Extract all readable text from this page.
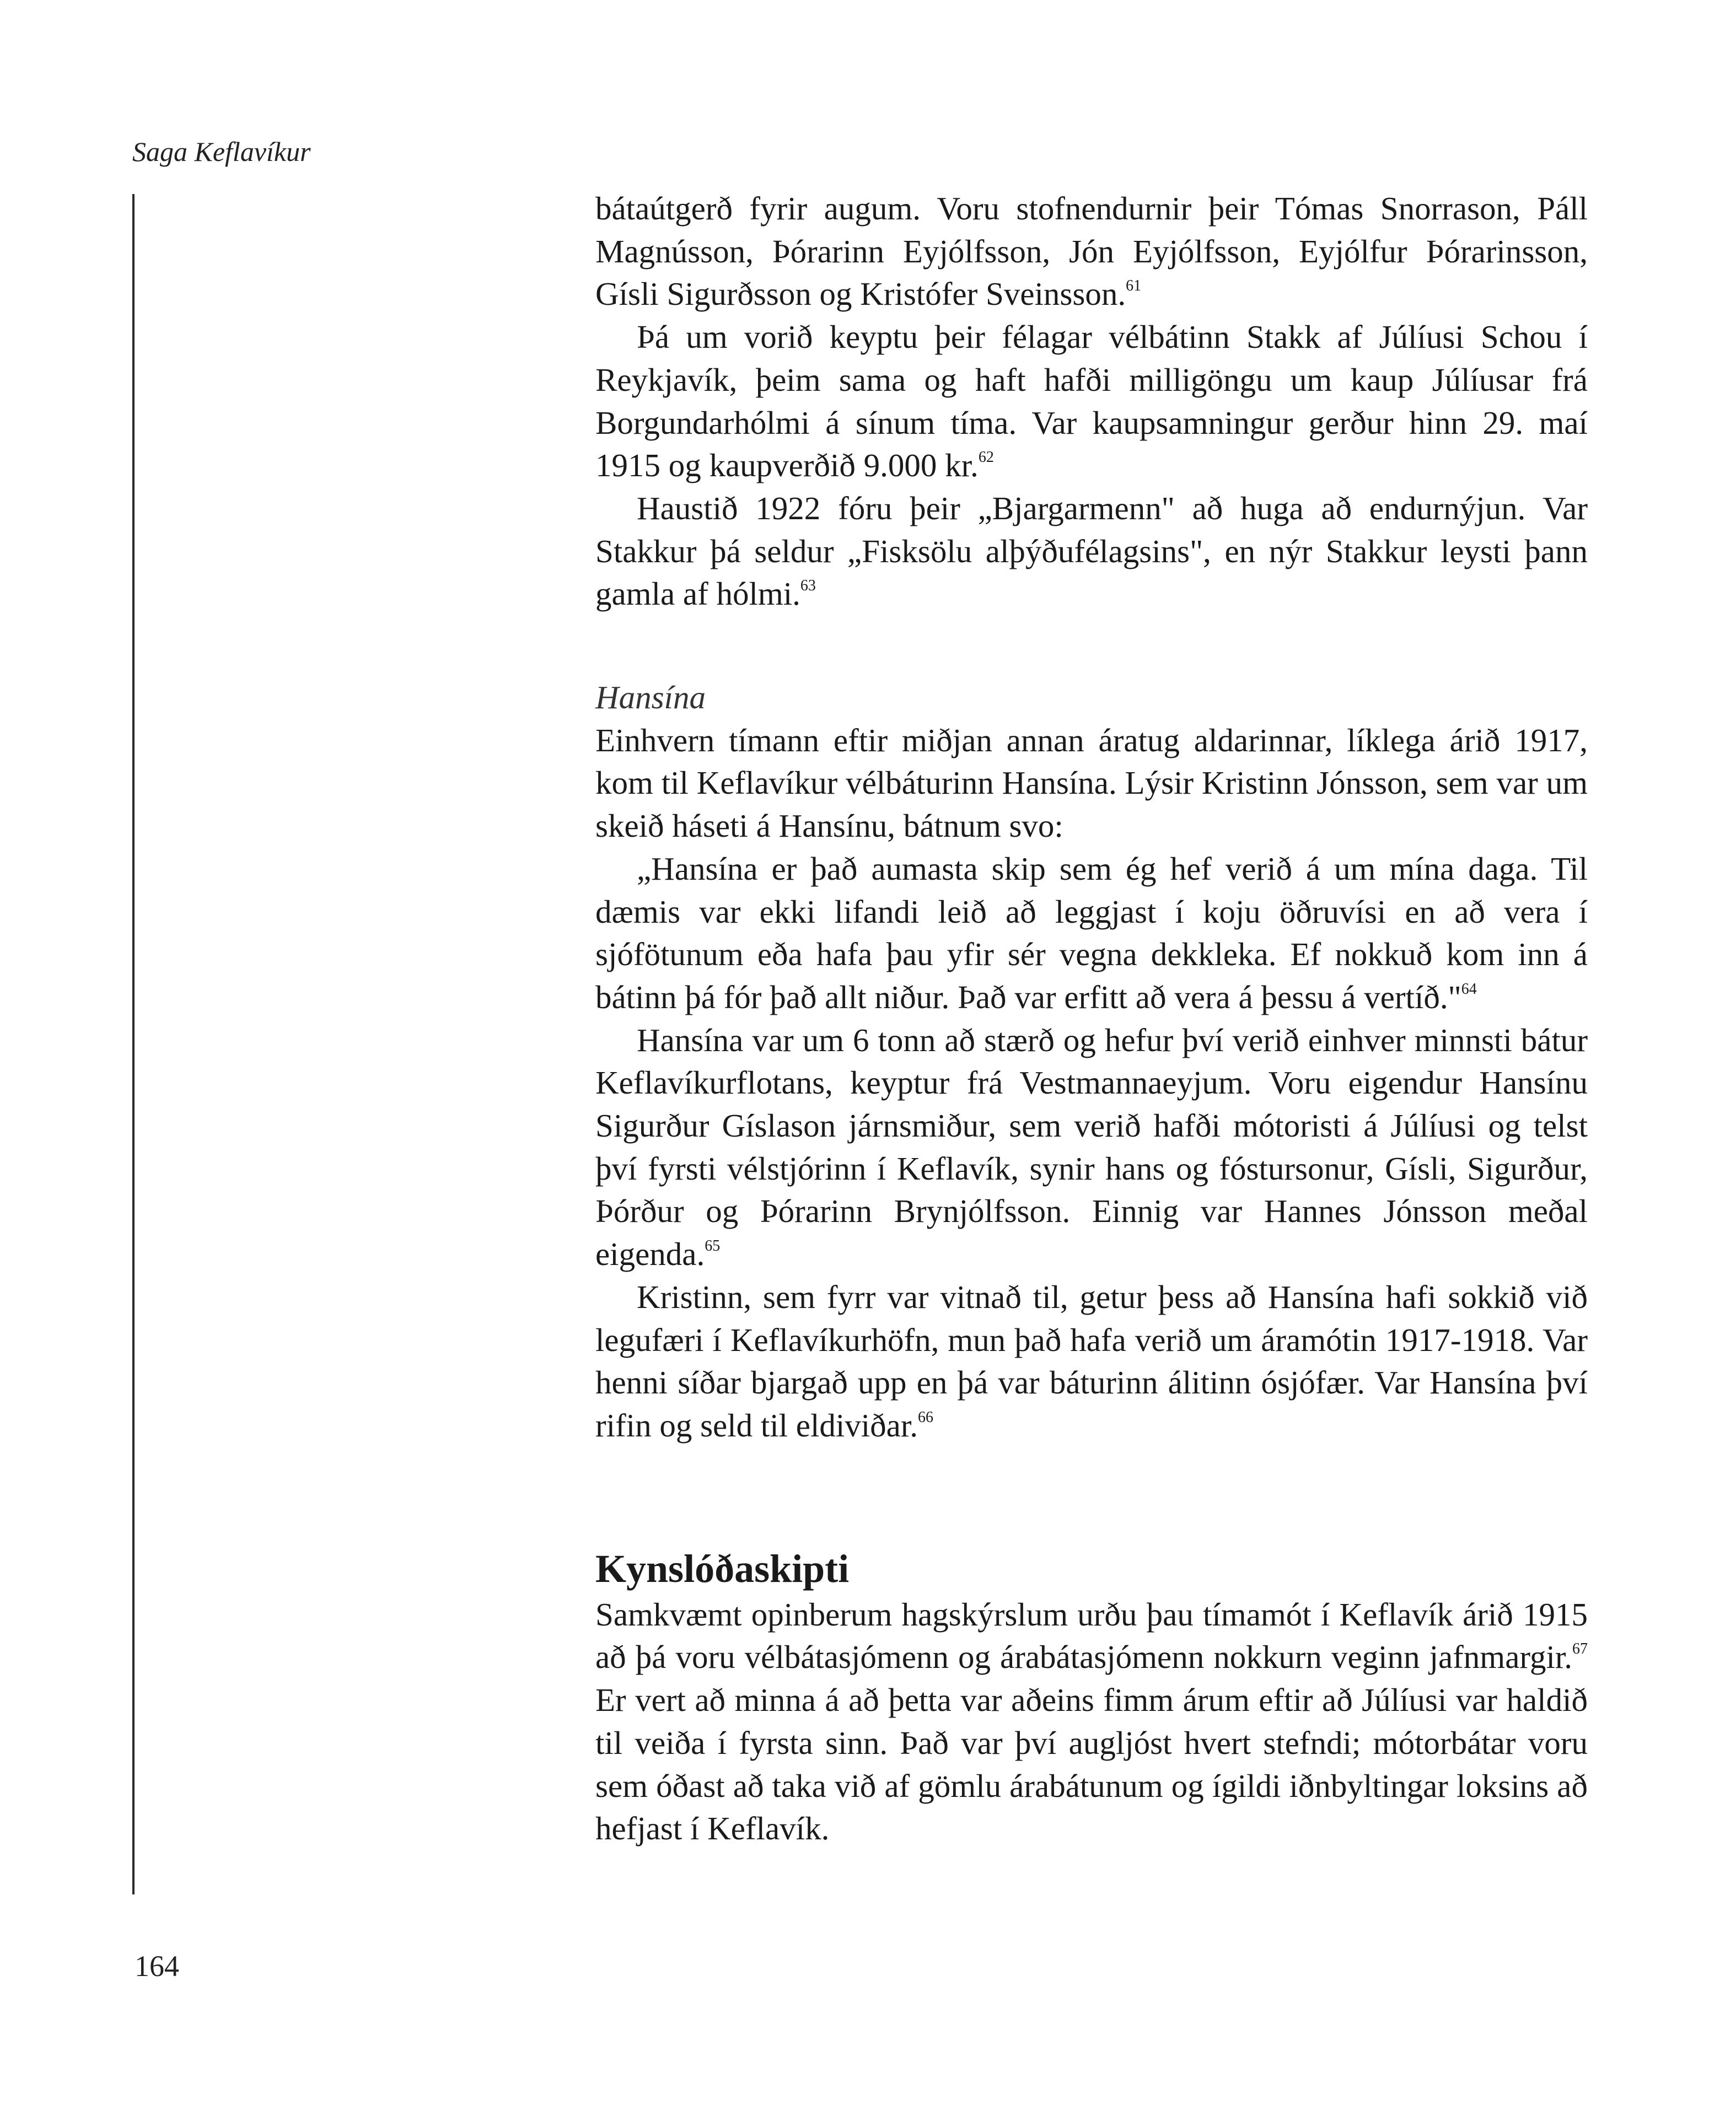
Saga Keflavíkur

bátaútgerð fyrir augum. Voru stofnendurnir þeir Tómas Snorrason, Páll Magnússon, Þórarinn Eyjólfsson, Jón Eyjólfsson, Eyjólfur Þórarinsson, Gísli Sigurðsson og Kristófer Sveinsson.$^{61}$

Þá um vorið keyptu þeir félagar vélbátinn Stakk af Júlíusi Schou í Reykjavík, þeim sama og haft hafði milligöngu um kaup Júlíusar frá Borgundarhólmi á sínum tíma. Var kaupsamningur gerður hinn 29. maí 1915 og kaupverðið 9.000 kr.$^{62}$

Haustið 1922 fóru þeir „Bjargarmenn" að huga að endurnýjun. Var Stakkur þá seldur „Fisksölu alþýðufélagsins", en nýr Stakkur leysti þann gamla af hólmi.$^{63}$

Hansína

Einhvern tímann eftir miðjan annan áratug aldarinnar, líklega árið 1917, kom til Keflavíkur vélbáturinn Hansína. Lýsir Kristinn Jónsson, sem var um skeið háseti á Hansínu, bátnum svo:

„Hansína er það aumasta skip sem ég hef verið á um mína daga. Til dæmis var ekki lifandi leið að leggjast í koju öðruvísi en að vera í sjófötunum eða hafa þau yfir sér vegna dekkleka. Ef nokkuð kom inn á bátinn þá fór það allt niður. Það var erfitt að vera á þessu á vertíð."$^{64}$

Hansína var um 6 tonn að stærð og hefur því verið einhver minnsti bátur Keflavíkurflotans, keyptur frá Vestmannaeyjum. Voru eigendur Hansínu Sigurður Gíslason járnsmiður, sem verið hafði mótoristi á Júlíusi og telst því fyrsti vélstjórinn í Keflavík, synir hans og fóstursonur, Gísli, Sigurður, Þórður og Þórarinn Brynjólfsson. Einnig var Hannes Jónsson meðal eigenda.$^{65}$

Kristinn, sem fyrr var vitnað til, getur þess að Hansína hafi sokkið við legufæri í Keflavíkurhöfn, mun það hafa verið um áramótin 1917-1918. Var henni síðar bjargað upp en þá var báturinn álitinn ósjófær. Var Hansína því rifin og seld til eldiviðar.$^{66}$

Kynslóðaskipti

Samkvæmt opinberum hagskýrslum urðu þau tímamót í Keflavík árið 1915 að þá voru vélbátasjómenn og árabátasjómenn nokkurn veginn jafnmargir.$^{67}$ Er vert að minna á að þetta var aðeins fimm árum eftir að Júlíusi var haldið til veiða í fyrsta sinn. Það var því augljóst hvert stefndi; mótorbátar voru sem óðast að taka við af gömlu árabátunum og ígildi iðnbyltingar loksins að hefjast í Keflavík.

164
